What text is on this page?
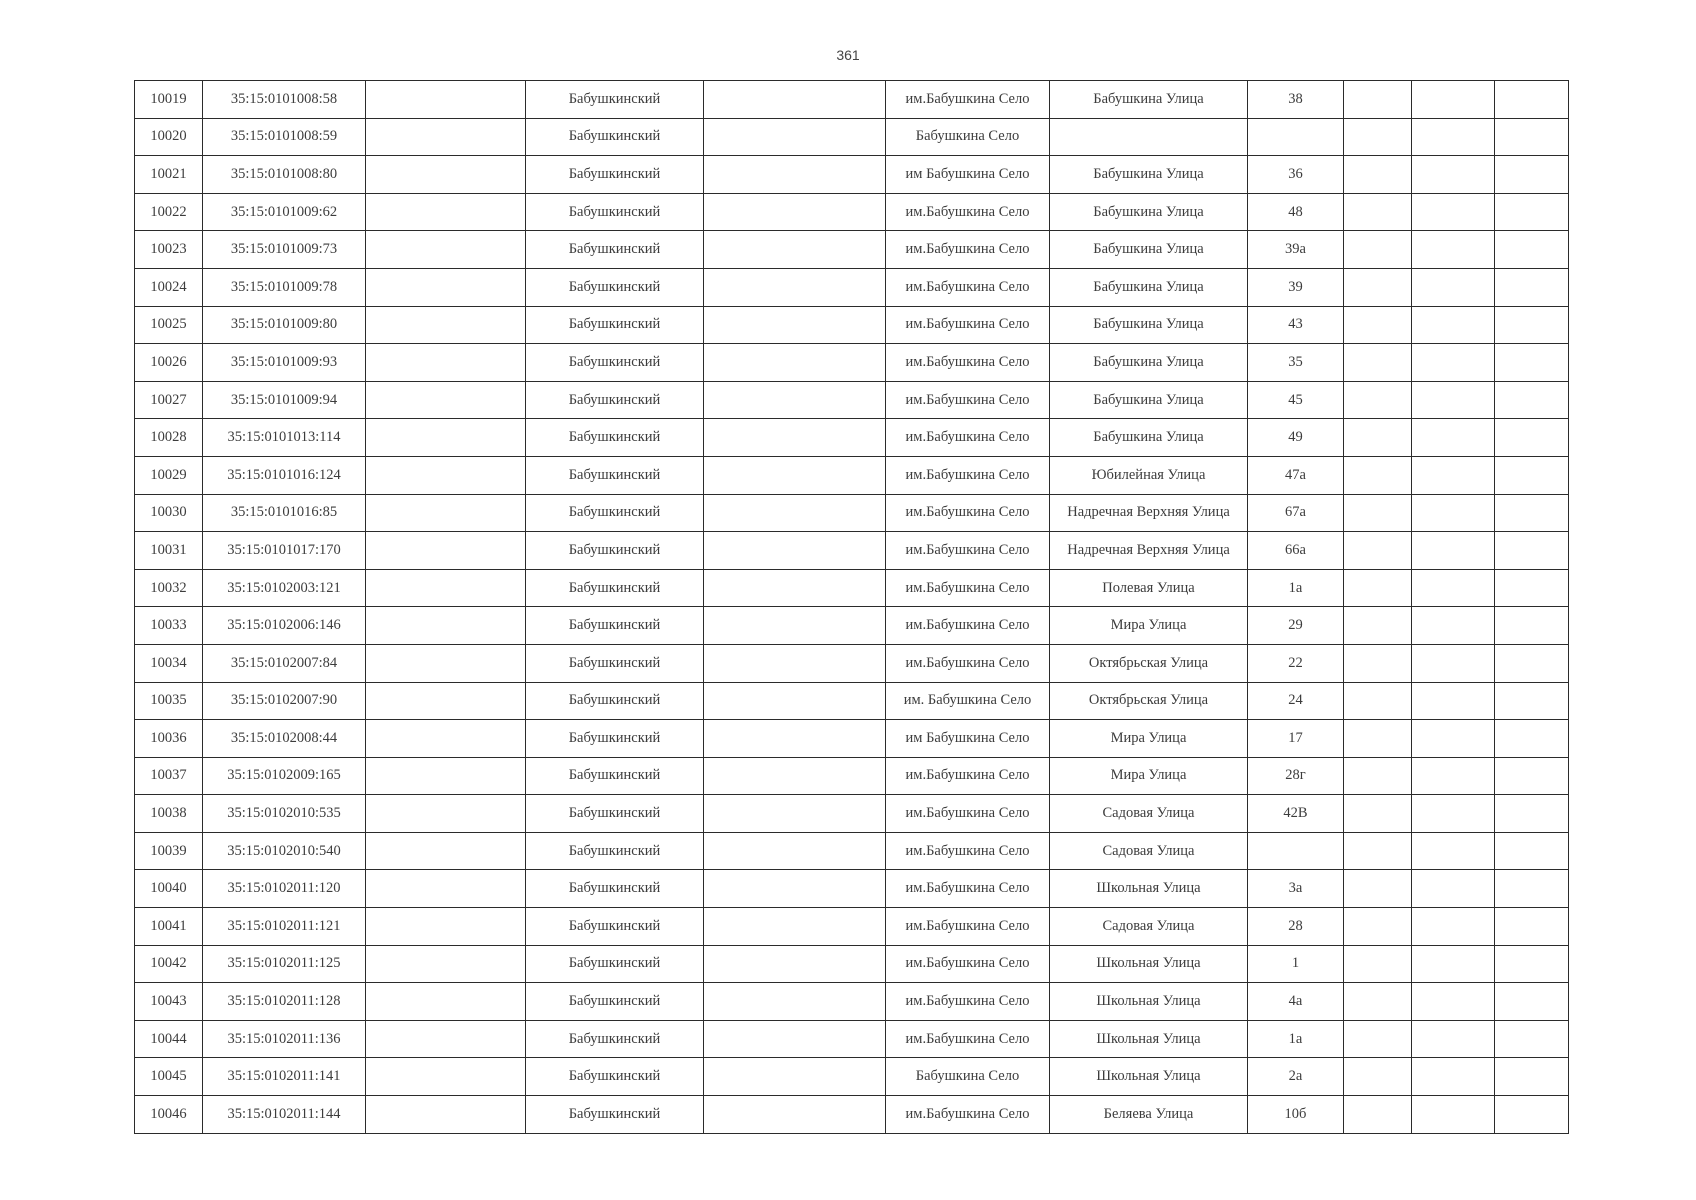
361
10019	35:15:0101008:58		Бабушкинский		им.Бабушкина Село	Бабушкина Улица	38			
10020	35:15:0101008:59		Бабушкинский		Бабушкина Село					
10021	35:15:0101008:80		Бабушкинский		им Бабушкина Село	Бабушкина Улица	36			
10022	35:15:0101009:62		Бабушкинский		им.Бабушкина Село	Бабушкина Улица	48			
10023	35:15:0101009:73		Бабушкинский		им.Бабушкина Село	Бабушкина Улица	39а			
10024	35:15:0101009:78		Бабушкинский		им.Бабушкина Село	Бабушкина Улица	39			
10025	35:15:0101009:80		Бабушкинский		им.Бабушкина Село	Бабушкина Улица	43			
10026	35:15:0101009:93		Бабушкинский		им.Бабушкина Село	Бабушкина Улица	35			
10027	35:15:0101009:94		Бабушкинский		им.Бабушкина Село	Бабушкина Улица	45			
10028	35:15:0101013:114		Бабушкинский		им.Бабушкина Село	Бабушкина Улица	49			
10029	35:15:0101016:124		Бабушкинский		им.Бабушкина Село	Юбилейная Улица	47а			
10030	35:15:0101016:85		Бабушкинский		им.Бабушкина Село	Надречная Верхняя Улица	67а			
10031	35:15:0101017:170		Бабушкинский		им.Бабушкина Село	Надречная Верхняя Улица	66а			
10032	35:15:0102003:121		Бабушкинский		им.Бабушкина Село	Полевая Улица	1а			
10033	35:15:0102006:146		Бабушкинский		им.Бабушкина Село	Мира Улица	29			
10034	35:15:0102007:84		Бабушкинский		им.Бабушкина Село	Октябрьская Улица	22			
10035	35:15:0102007:90		Бабушкинский		им. Бабушкина Село	Октябрьская Улица	24			
10036	35:15:0102008:44		Бабушкинский		им Бабушкина Село	Мира Улица	17			
10037	35:15:0102009:165		Бабушкинский		им.Бабушкина Село	Мира Улица	28г			
10038	35:15:0102010:535		Бабушкинский		им.Бабушкина Село	Садовая Улица	42В			
10039	35:15:0102010:540		Бабушкинский		им.Бабушкина Село	Садовая Улица				
10040	35:15:0102011:120		Бабушкинский		им.Бабушкина Село	Школьная Улица	3а			
10041	35:15:0102011:121		Бабушкинский		им.Бабушкина Село	Садовая Улица	28			
10042	35:15:0102011:125		Бабушкинский		им.Бабушкина Село	Школьная Улица	1			
10043	35:15:0102011:128		Бабушкинский		им.Бабушкина Село	Школьная Улица	4а			
10044	35:15:0102011:136		Бабушкинский		им.Бабушкина Село	Школьная Улица	1а			
10045	35:15:0102011:141		Бабушкинский		Бабушкина Село	Школьная Улица	2а			
10046	35:15:0102011:144		Бабушкинский		им.Бабушкина Село	Беляева Улица	10б			
